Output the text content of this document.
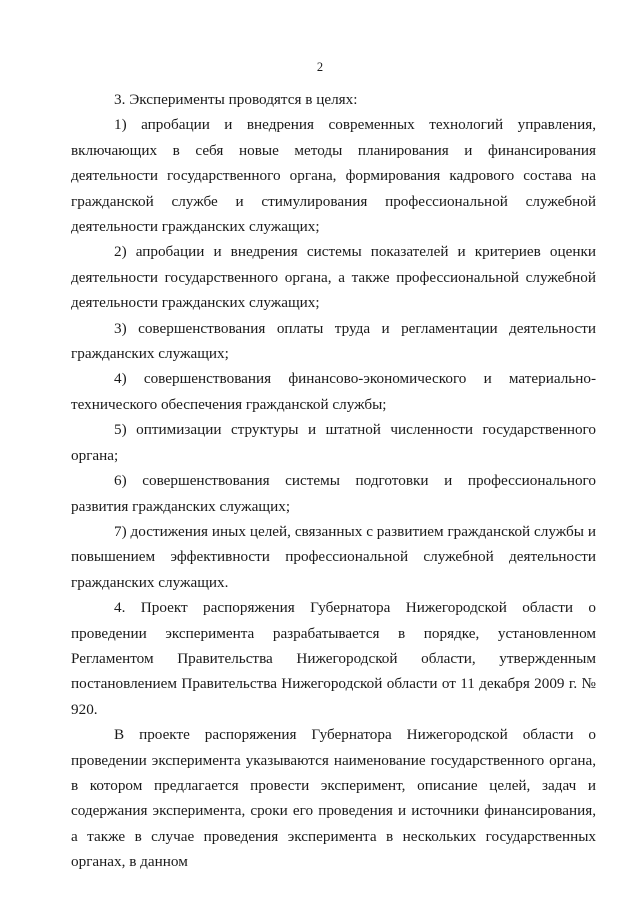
2

3. Эксперименты проводятся в целях:

1) апробации и внедрения современных технологий управления, включающих в себя новые методы планирования и финансирования деятельности государственного органа, формирования кадрового состава на гражданской службе и стимулирования профессиональной служебной деятельности гражданских служащих;

2) апробации и внедрения системы показателей и критериев оценки деятельности государственного органа, а также профессиональной служебной деятельности гражданских служащих;

3) совершенствования оплаты труда и регламентации деятельности гражданских служащих;

4) совершенствования финансово-экономического и материально-технического обеспечения гражданской службы;

5) оптимизации структуры и штатной численности государственного органа;

6) совершенствования системы подготовки и профессионального развития гражданских служащих;

7) достижения иных целей, связанных с развитием гражданской службы и повышением эффективности профессиональной служебной деятельности гражданских служащих.

4. Проект распоряжения Губернатора Нижегородской области о проведении эксперимента разрабатывается в порядке, установленном Регламентом Правительства Нижегородской области, утвержденным постановлением Правительства Нижегородской области от 11 декабря 2009 г. № 920.

В проекте распоряжения Губернатора Нижегородской области о проведении эксперимента указываются наименование государственного органа, в котором предлагается провести эксперимент, описание целей, задач и содержания эксперимента, сроки его проведения и источники финансирования, а также в случае проведения эксперимента в нескольких государственных органах, в данном
